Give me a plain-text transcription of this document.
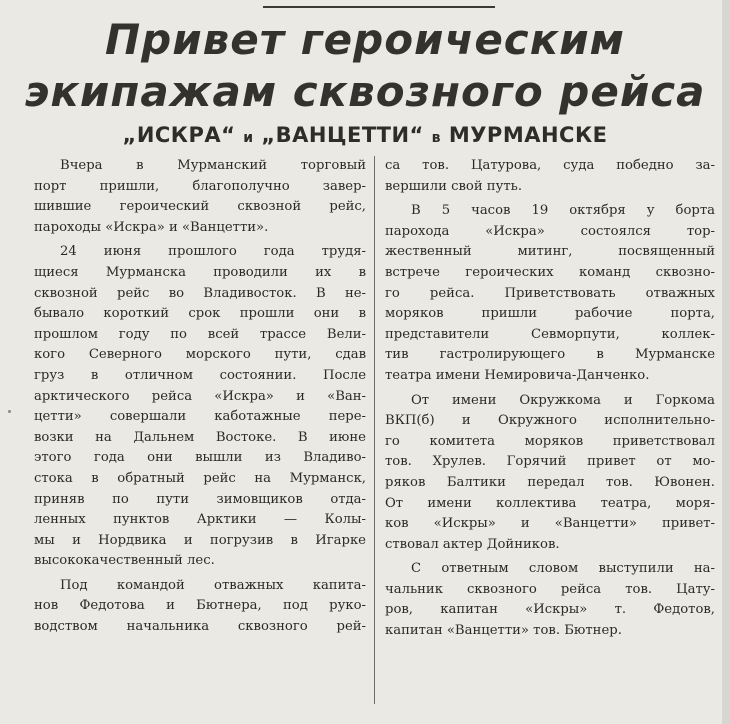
Привет героическим
экипажам сквозного рейса
„ИСКРА“ и „ВАНЦЕТТИ“ в МУРМАНСКЕ
Вчера в Мурманский торговый
порт пришли, благополучно завер-
шившие героический сквозной рейс,
пароходы «Искра» и «Ванцетти».
24 июня прошлого года трудя-
щиеся Мурманска проводили их в
сквозной рейс во Владивосток. В не-
бывало короткий срок прошли они в
прошлом году по всей трассе Вели-
кого Северного морского пути, сдав
груз в отличном состоянии. После
арктического рейса «Искра» и «Ван-
цетти» совершали каботажные пере-
возки на Дальнем Востоке. В июне
этого года они вышли из Владиво-
стока в обратный рейс на Мурманск,
приняв по пути зимовщиков отда-
ленных пунктов Арктики — Колы-
мы и Нордвика и погрузив в Игарке
высококачественный лес.
Под командой отважных капита-
нов Федотова и Бютнера, под руко-
водством начальника сквозного рей-
са тов. Цатурова, суда победно за-
вершили свой путь.
В 5 часов 19 октября у борта
парохода «Искра» состоялся тор-
жественный митинг, посвященный
встрече героических команд сквозно-
го рейса. Приветствовать отважных
моряков пришли рабочие порта,
представители Севморпути, коллек-
тив гастролирующего в Мурманске
театра имени Немировича-Данченко.
От имени Окружкома и Горкома
ВКП(б) и Окружного исполнительно-
го комитета моряков приветствовал
тов. Хрулев. Горячий привет от мо-
ряков Балтики передал тов. Ювонен.
От имени коллектива театра, моря-
ков «Искры» и «Ванцетти» привет-
ствовал актер Дойников.
С ответным словом выступили на-
чальник сквозного рейса тов. Цату-
ров, капитан «Искры» т. Федотов,
капитан «Ванцетти» тов. Бютнер.
